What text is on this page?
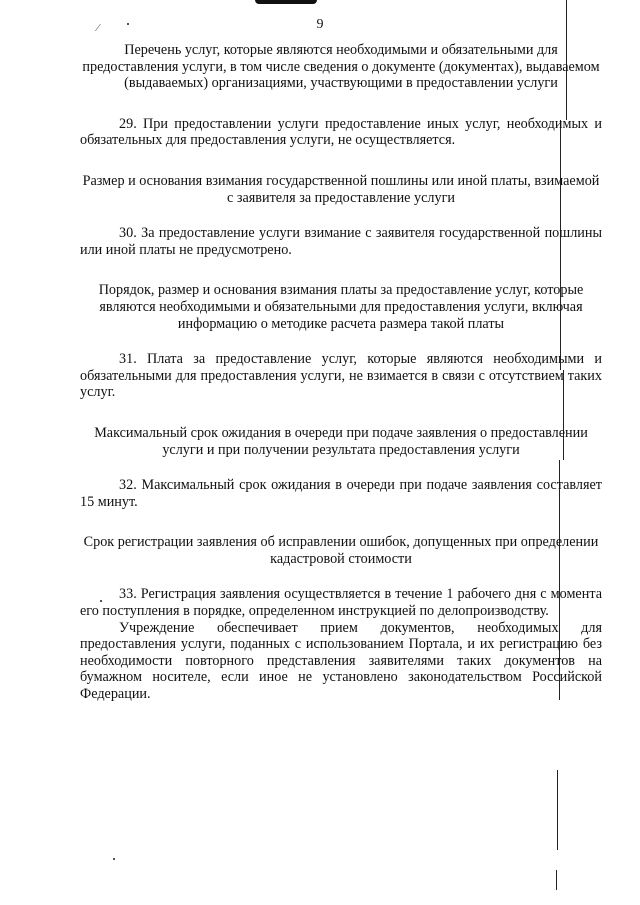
⁄	9
Перечень услуг, которые являются необходимыми и обязательными для предоставления услуги, в том числе сведения о документе (документах), выдаваемом (выдаваемых) организациями, участвующими в предоставлении услуги
29. При предоставлении услуги предоставление иных услуг, необходимых и обязательных для предоставления услуги, не осуществляется.
Размер и основания взимания государственной пошлины или иной платы, взимаемой с заявителя за предоставление услуги
30. За предоставление услуги взимание с заявителя государственной пошлины или иной платы не предусмотрено.
Порядок, размер и основания взимания платы за предоставление услуг, которые являются необходимыми и обязательными для предоставления услуги, включая информацию о методике расчета размера такой платы
31. Плата за предоставление услуг, которые являются необходимыми и обязательными для предоставления услуги, не взимается в связи с отсутствием таких услуг.
Максимальный срок ожидания в очереди при подаче заявления о предоставлении услуги и при получении результата предоставления услуги
32. Максимальный срок ожидания в очереди при подаче заявления составляет 15 минут.
Срок регистрации заявления об исправлении ошибок, допущенных при определении кадастровой стоимости
33. Регистрация заявления осуществляется в течение 1 рабочего дня с момента его поступления в порядке, определенном инструкцией по делопроизводству.
Учреждение обеспечивает прием документов, необходимых для предоставления услуги, поданных с использованием Портала, и их регистрацию без необходимости повторного представления заявителями таких документов на бумажном носителе, если иное не установлено законодательством Российской Федерации.
